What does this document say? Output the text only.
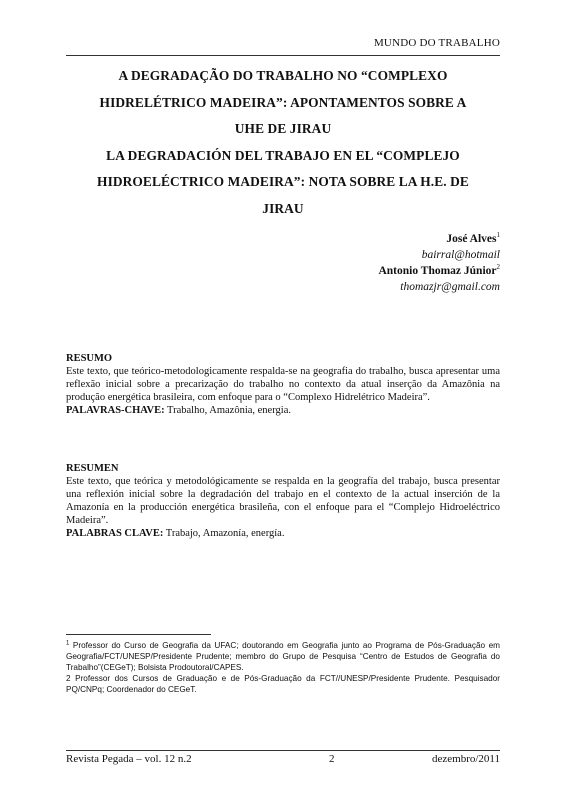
MUNDO DO TRABALHO
A DEGRADAÇÃO DO TRABALHO NO “COMPLEXO
HIDRELÉTRICO MADEIRA”: APONTAMENTOS SOBRE A
UHE DE JIRAU
LA DEGRADACIÓN DEL TRABAJO EN EL “COMPLEJO
HIDROELÉCTRICO MADEIRA”: NOTA SOBRE LA H.E. DE
JIRAU
José Alves$^1$
bairral@hotmail
Antonio Thomaz Júnior$^2$
thomazjr@gmail.com
RESUMO
Este texto, que teórico-metodologicamente respalda-se na geografia do trabalho, busca apresentar uma reflexão inicial sobre a precarização do trabalho no contexto da atual inserção da Amazônia na produção energética brasileira, com enfoque para o “Complexo Hidrelétrico Madeira”.
PALAVRAS-CHAVE: Trabalho, Amazônia, energia.
RESUMEN
Este texto, que teórica y metodológicamente se respalda en la geografía del trabajo, busca presentar una reflexión inicial sobre la degradación del trabajo en el contexto de la actual inserción de la Amazonía en la producción energética brasileña, con el enfoque para el “Complejo Hidroeléctrico Madeira”.
PALABRAS CLAVE: Trabajo, Amazonía, energía.
$^1$ Professor do Curso de Geografia da UFAC; doutorando em Geografia junto ao Programa de Pós-Graduação em Geografia/FCT/UNESP/Presidente Prudente; membro do Grupo de Pesquisa “Centro de Estudos de Geografia do Trabalho”(CEGeT); Bolsista Prodoutoral/CAPES.
2 Professor dos Cursos de Graduação e de Pós-Graduação da FCT//UNESP/Presidente Prudente. Pesquisador PQ/CNPq; Coordenador do CEGeT.
Revista Pegada – vol. 12 n.2	2	dezembro/2011
